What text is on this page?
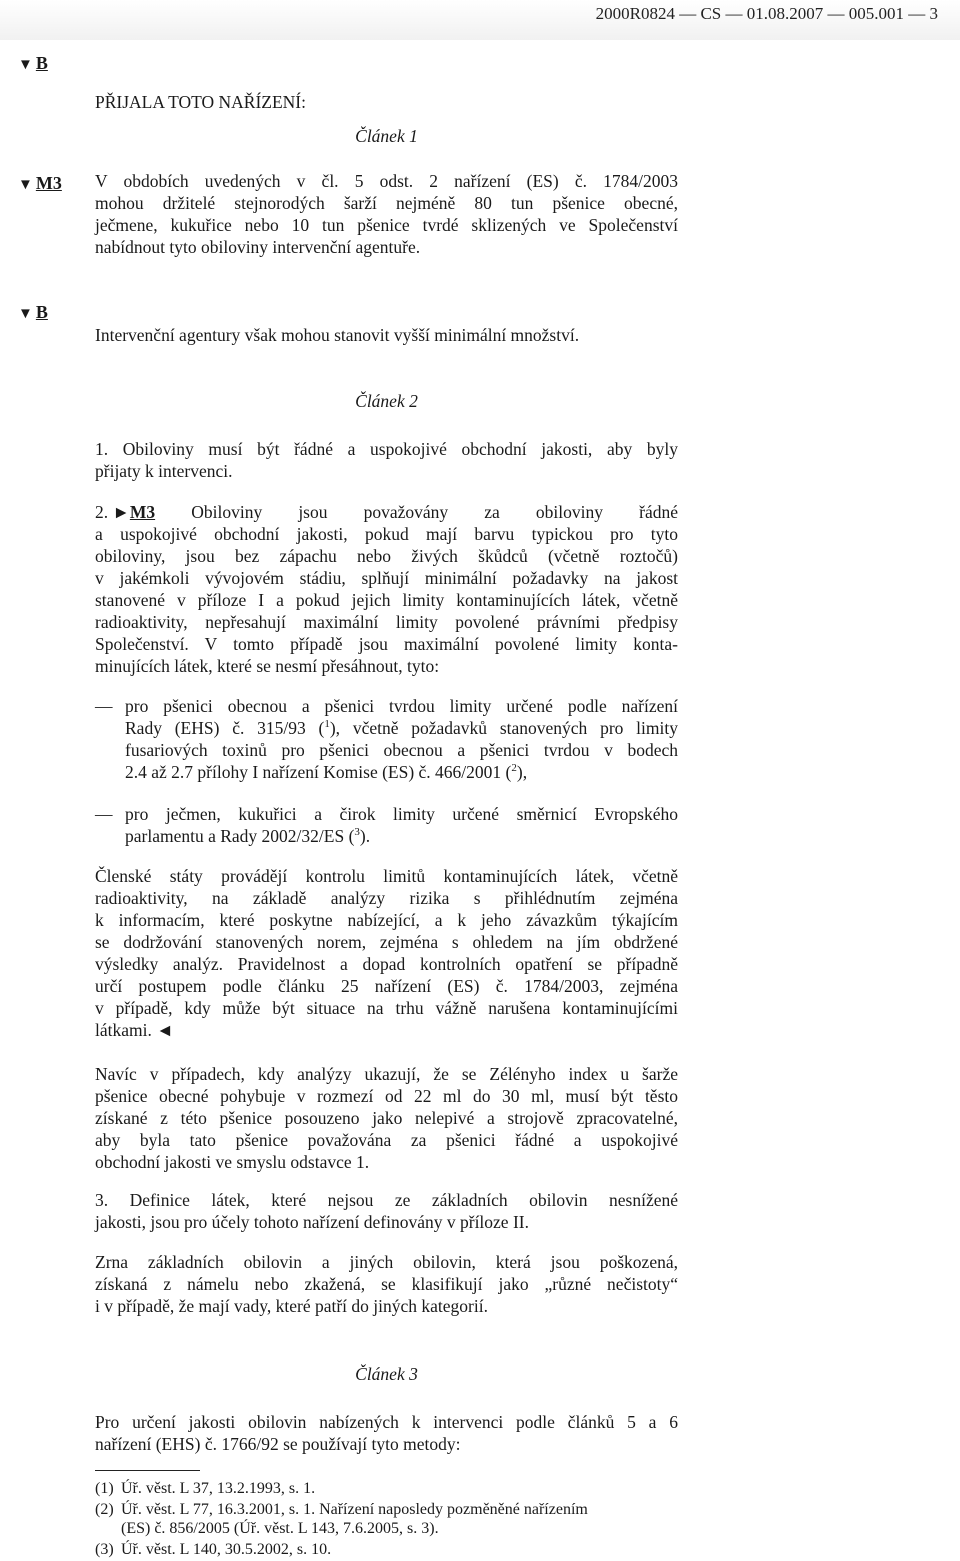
2000R0824 — CS — 01.08.2007 — 005.001 — 3
▼ B
▼ M3
▼ B
PŘIJALA TOTO NAŘÍZENÍ:
Článek 1
V obdobích uvedených v čl. 5 odst. 2 nařízení (ES) č. 1784/2003
mohou držitelé stejnorodých šarží nejméně 80 tun pšenice obecné,
ječmene, kukuřice nebo 10 tun pšenice tvrdé sklizených ve Společenství
nabídnout tyto obiloviny intervenční agentuře.
Intervenční agentury však mohou stanovit vyšší minimální množství.
Článek 2
1. Obiloviny musí být řádné a uspokojivé obchodní jakosti, aby byly
přijaty k intervenci.
2. ► M3 Obiloviny jsou považovány za obiloviny řádné
a uspokojivé obchodní jakosti, pokud mají barvu typickou pro tyto
obiloviny, jsou bez zápachu nebo živých škůdců (včetně roztočů)
v jakémkoli vývojovém stádiu, splňují minimální požadavky na jakost
stanovené v příloze I a pokud jejich limity kontaminujících látek, včetně
radioaktivity, nepřesahují maximální limity povolené právními předpisy
Společenství. V tomto případě jsou maximální povolené limity konta-
minujících látek, které se nesmí přesáhnout, tyto:
— pro pšenici obecnou a pšenici tvrdou limity určené podle nařízení
Rady (EHS) č. 315/93 ($^1$), včetně požadavků stanovených pro limity
fusariových toxinů pro pšenici obecnou a pšenici tvrdou v bodech
2.4 až 2.7 přílohy I nařízení Komise (ES) č. 466/2001 ($^2$),
— pro ječmen, kukuřici a čirok limity určené směrnicí Evropského
parlamentu a Rady 2002/32/ES ($^3$).
Členské státy provádějí kontrolu limitů kontaminujících látek, včetně
radioaktivity, na základě analýzy rizika s přihlédnutím zejména
k informacím, které poskytne nabízející, a k jeho závazkům týkajícím
se dodržování stanovených norem, zejména s ohledem na jím obdržené
výsledky analýz. Pravidelnost a dopad kontrolních opatření se případně
určí postupem podle článku 25 nařízení (ES) č. 1784/2003, zejména
v případě, kdy může být situace na trhu vážně narušena kontaminujícími
látkami. ◄
Navíc v případech, kdy analýzy ukazují, že se Zélényho index u šarže
pšenice obecné pohybuje v rozmezí od 22 ml do 30 ml, musí být těsto
získané z této pšenice posouzeno jako nelepivé a strojově zpracovatelné,
aby byla tato pšenice považována za pšenici řádné a uspokojivé
obchodní jakosti ve smyslu odstavce 1.
3. Definice látek, které nejsou ze základních obilovin nesnížené
jakosti, jsou pro účely tohoto nařízení definovány v příloze II.
Zrna základních obilovin a jiných obilovin, která jsou poškozená,
získaná z námelu nebo zkažená, se klasifikují jako „různé nečistoty“
i v případě, že mají vady, které patří do jiných kategorií.
Článek 3
Pro určení jakosti obilovin nabízených k intervenci podle článků 5 a 6
nařízení (EHS) č. 1766/92 se používají tyto metody:
(1) Úř. věst. L 37, 13.2.1993, s. 1.
(2) Úř. věst. L 77, 16.3.2001, s. 1. Nařízení naposledy pozměněné nařízením
(ES) č. 856/2005 (Úř. věst. L 143, 7.6.2005, s. 3).
(3) Úř. věst. L 140, 30.5.2002, s. 10.
